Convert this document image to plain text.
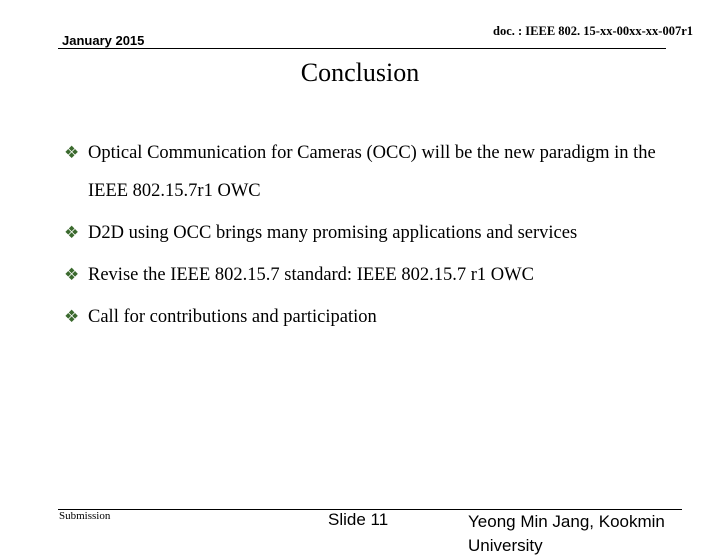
January 2015
doc. : IEEE 802. 15-xx-00xx-xx-007r1
Conclusion
❖ Optical Communication for Cameras (OCC) will be the new paradigm in the IEEE 802.15.7r1 OWC
❖ D2D using OCC brings many promising applications and services
❖ Revise the IEEE 802.15.7 standard: IEEE 802.15.7 r1 OWC
❖ Call for contributions and participation
Submission	Slide 11	Yeong Min Jang, Kookmin University
